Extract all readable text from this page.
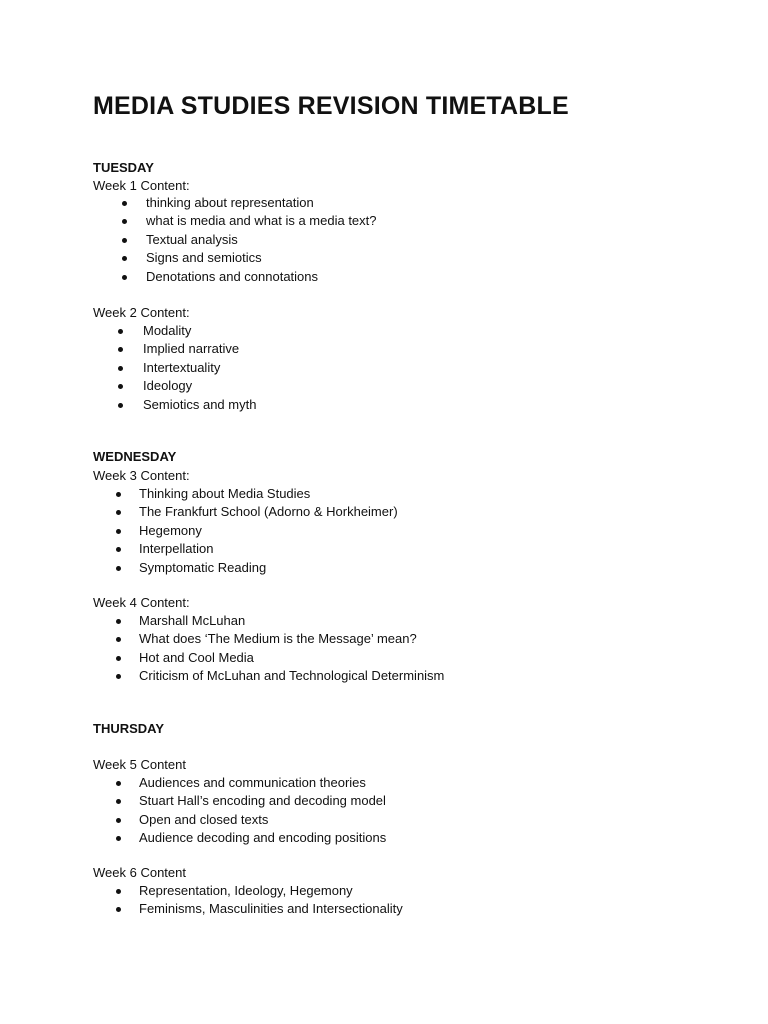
MEDIA STUDIES REVISION TIMETABLE
TUESDAY
Week 1 Content:
thinking about representation
what is media and what is a media text?
Textual analysis
Signs and semiotics
Denotations and connotations
Week 2 Content:
Modality
Implied narrative
Intertextuality
Ideology
Semiotics and myth
WEDNESDAY
Week 3 Content:
Thinking about Media Studies
The Frankfurt School (Adorno & Horkheimer)
Hegemony
Interpellation
Symptomatic Reading
Week 4 Content:
Marshall McLuhan
What does ‘The Medium is the Message’ mean?
Hot and Cool Media
Criticism of McLuhan and Technological Determinism
THURSDAY
Week 5 Content
Audiences and communication theories
Stuart Hall’s encoding and decoding model
Open and closed texts
Audience decoding and encoding positions
Week 6 Content
Representation, Ideology, Hegemony
Feminisms, Masculinities and Intersectionality
